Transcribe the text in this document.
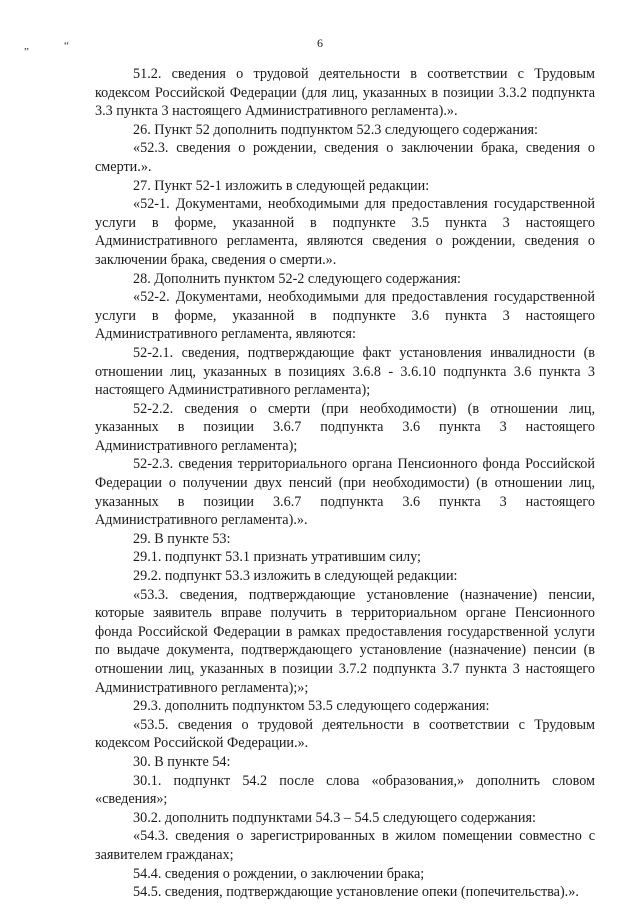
„	“	6

51.2. сведения о трудовой деятельности в соответствии с Трудовым кодексом Российской Федерации (для лиц, указанных в позиции 3.3.2 подпункта 3.3 пункта 3 настоящего Административного регламента).».

26. Пункт 52 дополнить подпунктом 52.3 следующего содержания:

«52.3. сведения о рождении, сведения о заключении брака, сведения о смерти.».

27. Пункт 52-1 изложить в следующей редакции:

«52-1. Документами, необходимыми для предоставления государственной услуги в форме, указанной в подпункте 3.5 пункта 3 настоящего Административного регламента, являются сведения о рождении, сведения о заключении брака, сведения о смерти.».

28. Дополнить пунктом 52-2 следующего содержания:

«52-2. Документами, необходимыми для предоставления государственной услуги в форме, указанной в подпункте 3.6 пункта 3 настоящего Административного регламента, являются:

52-2.1. сведения, подтверждающие факт установления инвалидности (в отношении лиц, указанных в позициях 3.6.8 - 3.6.10 подпункта 3.6 пункта 3 настоящего Административного регламента);

52-2.2. сведения о смерти (при необходимости) (в отношении лиц, указанных в позиции 3.6.7 подпункта 3.6 пункта 3 настоящего Административного регламента);

52-2.3. сведения территориального органа Пенсионного фонда Российской Федерации о получении двух пенсий (при необходимости) (в отношении лиц, указанных в позиции 3.6.7 подпункта 3.6 пункта 3 настоящего Административного регламента).».

29. В пункте 53:

29.1. подпункт 53.1 признать утратившим силу;

29.2. подпункт 53.3 изложить в следующей редакции:

«53.3. сведения, подтверждающие установление (назначение) пенсии, которые заявитель вправе получить в территориальном органе Пенсионного фонда Российской Федерации в рамках предоставления государственной услуги по выдаче документа, подтверждающего установление (назначение) пенсии (в отношении лиц, указанных в позиции 3.7.2 подпункта 3.7 пункта 3 настоящего Административного регламента);»;

29.3. дополнить подпунктом 53.5 следующего содержания:

«53.5. сведения о трудовой деятельности в соответствии с Трудовым кодексом Российской Федерации.».

30. В пункте 54:

30.1. подпункт 54.2 после слова «образования,» дополнить словом «сведения»;

30.2. дополнить подпунктами 54.3 – 54.5 следующего содержания:

«54.3. сведения о зарегистрированных в жилом помещении совместно с заявителем гражданах;

54.4. сведения о рождении, о заключении брака;

54.5. сведения, подтверждающие установление опеки (попечительства).».
